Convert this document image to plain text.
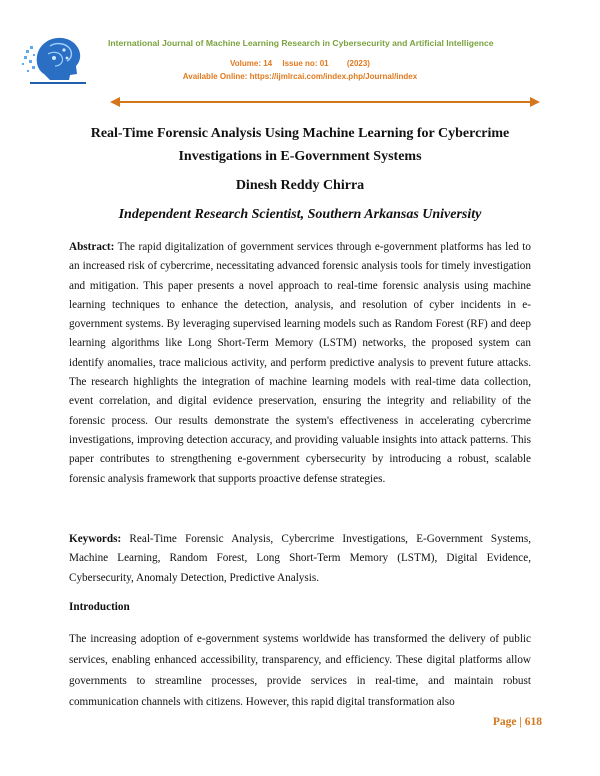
International Journal of Machine Learning Research in Cybersecurity and Artificial Intelligence
Volume: 14 Issue no: 01 (2023)
Available Online: https://ijmlrcai.com/index.php/Journal/index
Real-Time Forensic Analysis Using Machine Learning for Cybercrime
Investigations in E-Government Systems
Dinesh Reddy Chirra
Independent Research Scientist, Southern Arkansas University
Abstract: The rapid digitalization of government services through e-government platforms has led to an increased risk of cybercrime, necessitating advanced forensic analysis tools for timely investigation and mitigation. This paper presents a novel approach to real-time forensic analysis using machine learning techniques to enhance the detection, analysis, and resolution of cyber incidents in e-government systems. By leveraging supervised learning models such as Random Forest (RF) and deep learning algorithms like Long Short-Term Memory (LSTM) networks, the proposed system can identify anomalies, trace malicious activity, and perform predictive analysis to prevent future attacks. The research highlights the integration of machine learning models with real-time data collection, event correlation, and digital evidence preservation, ensuring the integrity and reliability of the forensic process. Our results demonstrate the system's effectiveness in accelerating cybercrime investigations, improving detection accuracy, and providing valuable insights into attack patterns. This paper contributes to strengthening e-government cybersecurity by introducing a robust, scalable forensic analysis framework that supports proactive defense strategies.
Keywords: Real-Time Forensic Analysis, Cybercrime Investigations, E-Government Systems, Machine Learning, Random Forest, Long Short-Term Memory (LSTM), Digital Evidence, Cybersecurity, Anomaly Detection, Predictive Analysis.
Introduction
The increasing adoption of e-government systems worldwide has transformed the delivery of public services, enabling enhanced accessibility, transparency, and efficiency. These digital platforms allow governments to streamline processes, provide services in real-time, and maintain robust communication channels with citizens. However, this rapid digital transformation also
Page | 618
